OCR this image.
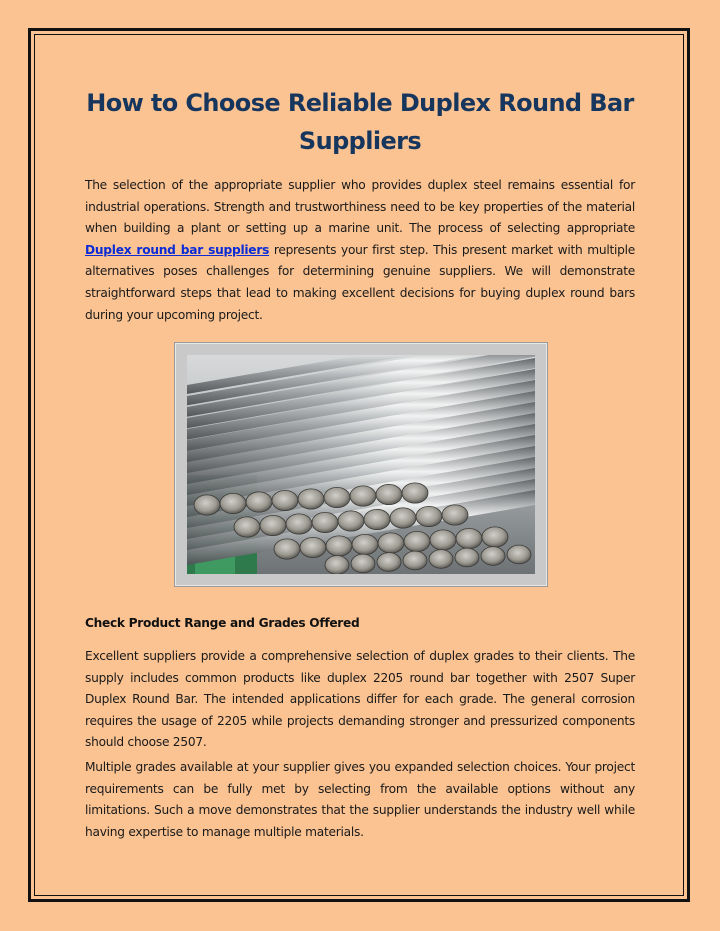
How to Choose Reliable Duplex Round Bar Suppliers

The selection of the appropriate supplier who provides duplex steel remains essential for industrial operations. Strength and trustworthiness need to be key properties of the material when building a plant or setting up a marine unit. The process of selecting appropriate Duplex round bar suppliers represents your first step. This present market with multiple alternatives poses challenges for determining genuine suppliers. We will demonstrate straightforward steps that lead to making excellent decisions for buying duplex round bars during your upcoming project.

Check Product Range and Grades Offered

Excellent suppliers provide a comprehensive selection of duplex grades to their clients. The supply includes common products like duplex 2205 round bar together with 2507 Super Duplex Round Bar. The intended applications differ for each grade. The general corrosion requires the usage of 2205 while projects demanding stronger and pressurized components should choose 2507.

Multiple grades available at your supplier gives you expanded selection choices. Your project requirements can be fully met by selecting from the available options without any limitations. Such a move demonstrates that the supplier understands the industry well while having expertise to manage multiple materials.
